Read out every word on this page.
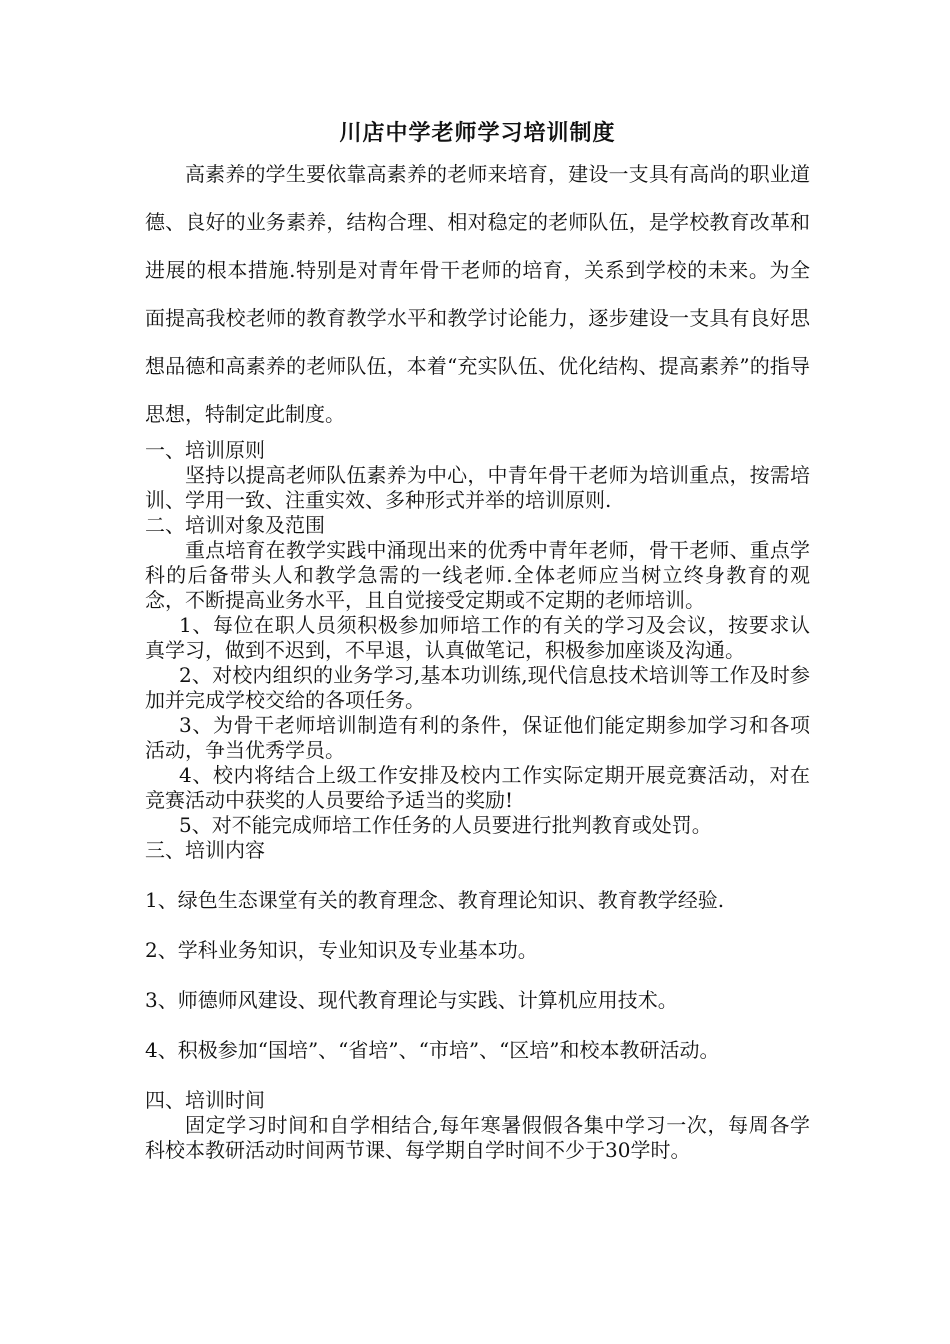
川店中学老师学习培训制度

高素养的学生要依靠高素养的老师来培育，建设一支具有高尚的职业道德、良好的业务素养，结构合理、相对稳定的老师队伍，是学校教育改革和进展的根本措施.特别是对青年骨干老师的培育，关系到学校的未来。为全面提高我校老师的教育教学水平和教学讨论能力，逐步建设一支具有良好思想品德和高素养的老师队伍，本着“充实队伍、优化结构、提高素养”的指导思想，特制定此制度。

一、培训原则

坚持以提高老师队伍素养为中心，中青年骨干老师为培训重点，按需培训、学用一致、注重实效、多种形式并举的培训原则.

二、培训对象及范围

重点培育在教学实践中涌现出来的优秀中青年老师，骨干老师、重点学科的后备带头人和教学急需的一线老师.全体老师应当树立终身教育的观念，不断提高业务水平，且自觉接受定期或不定期的老师培训。

1、每位在职人员须积极参加师培工作的有关的学习及会议，按要求认真学习，做到不迟到，不早退，认真做笔记，积极参加座谈及沟通。

2、对校内组织的业务学习,基本功训练,现代信息技术培训等工作及时参加并完成学校交给的各项任务。

3、为骨干老师培训制造有利的条件，保证他们能定期参加学习和各项活动，争当优秀学员。

4、校内将结合上级工作安排及校内工作实际定期开展竞赛活动，对在竞赛活动中获奖的人员要给予适当的奖励!

5、对不能完成师培工作任务的人员要进行批判教育或处罚。

三、培训内容

1、绿色生态课堂有关的教育理念、教育理论知识、教育教学经验.

2、学科业务知识，专业知识及专业基本功。

3、师德师风建设、现代教育理论与实践、计算机应用技术。

4、积极参加“国培”、“省培”、“市培”、“区培”和校本教研活动。

四、培训时间

固定学习时间和自学相结合,每年寒暑假假各集中学习一次，每周各学科校本教研活动时间两节课、每学期自学时间不少于30学时。
